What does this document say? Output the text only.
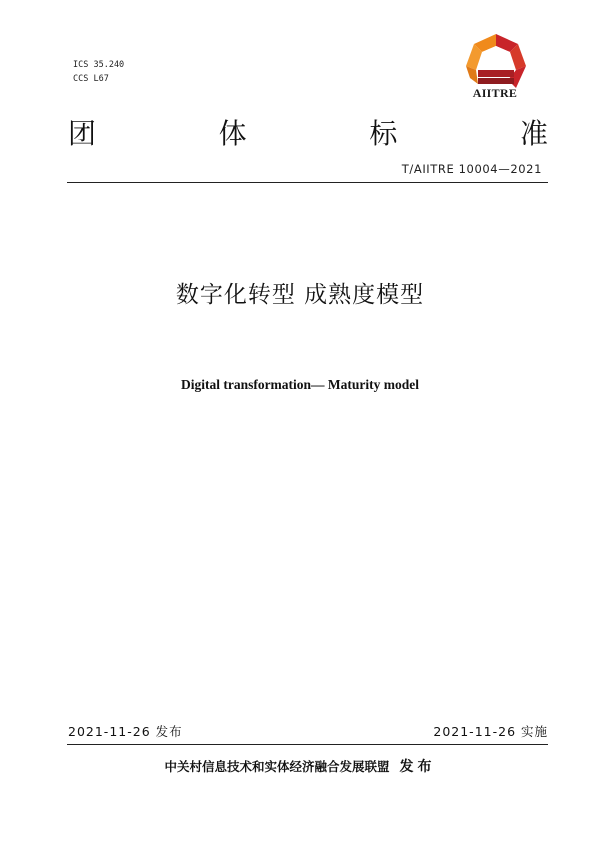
ICS 35.240
CCS L67
AIITRE
团	体	标	准
T/AIITRE 10004—2021
数字化转型 成熟度模型
Digital transformation— Maturity model
2021-11-26 发布	2021-11-26 实施
中关村信息技术和实体经济融合发展联盟 发布
